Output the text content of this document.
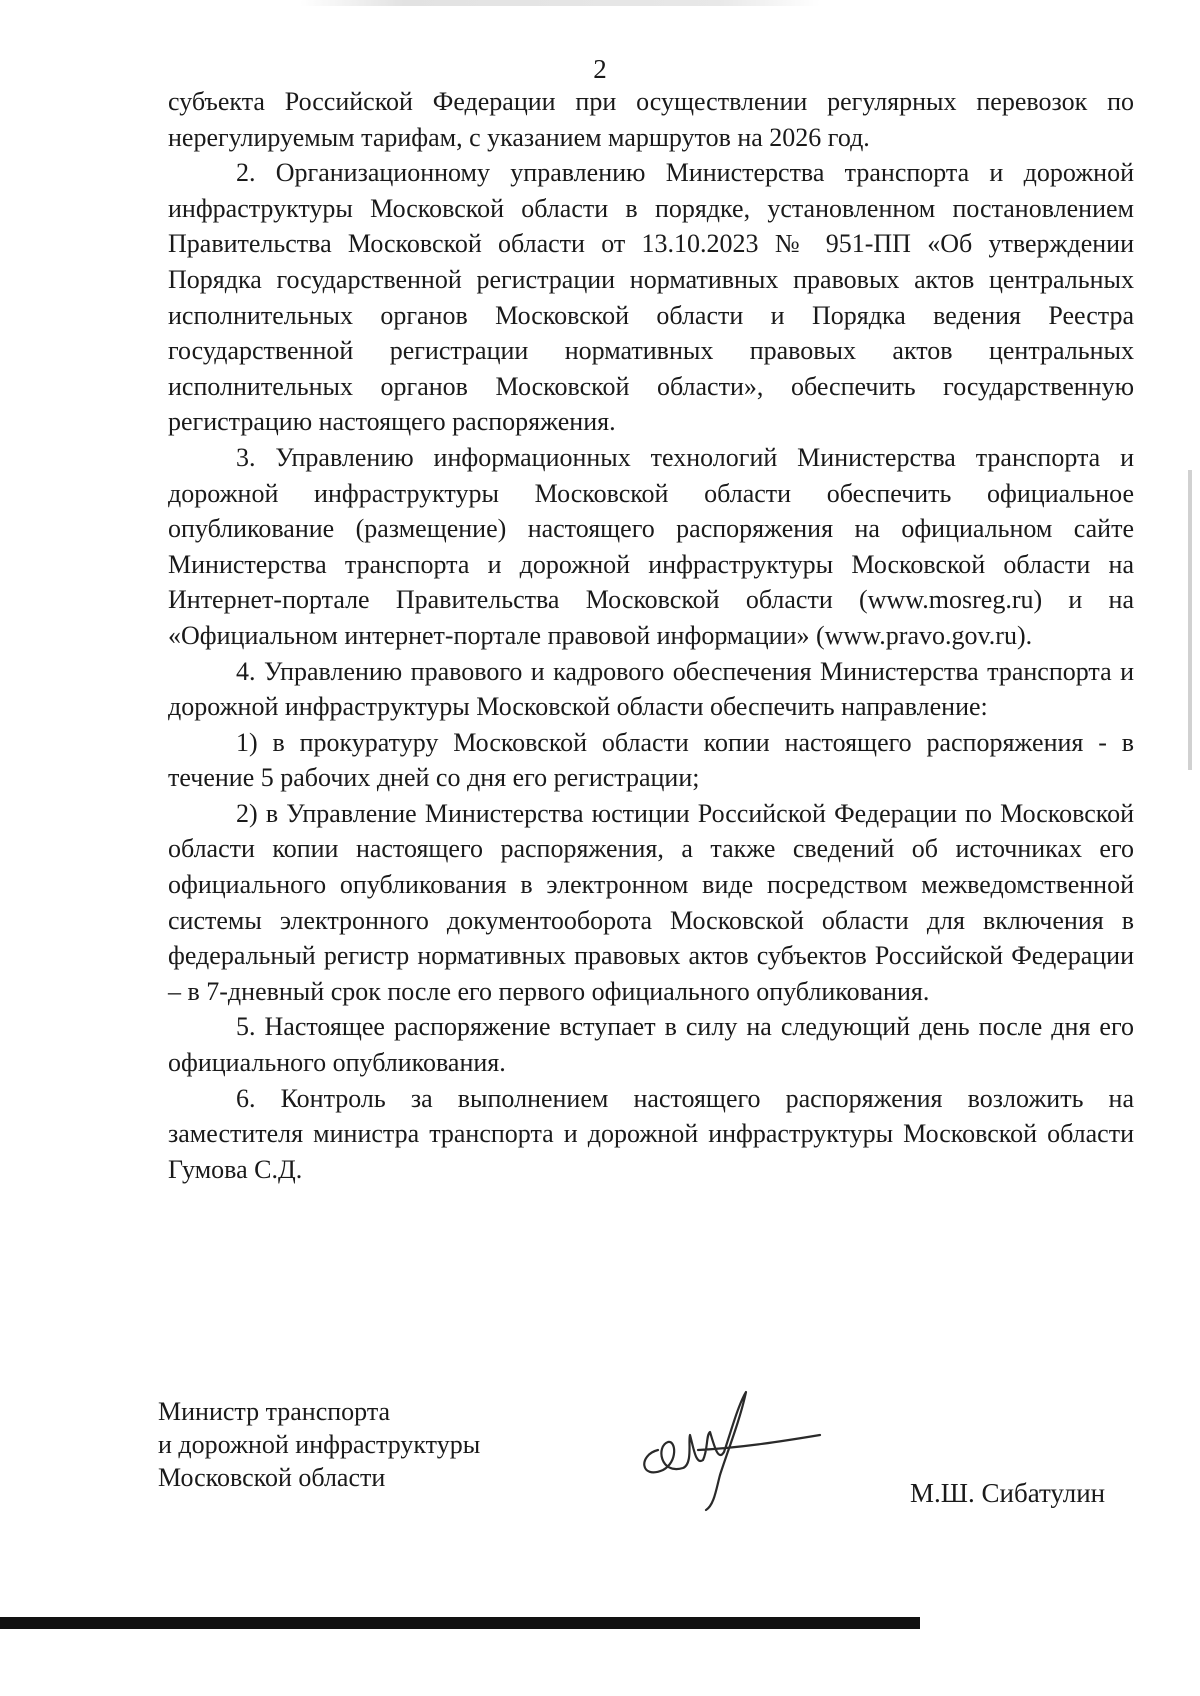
2

субъекта Российской Федерации при осуществлении регулярных перевозок по нерегулируемым тарифам, с указанием маршрутов на 2026 год.

2. Организационному управлению Министерства транспорта и дорожной инфраструктуры Московской области в порядке, установленном постановлением Правительства Московской области от 13.10.2023 № 951-ПП «Об утверждении Порядка государственной регистрации нормативных правовых актов центральных исполнительных органов Московской области и Порядка ведения Реестра государственной регистрации нормативных правовых актов центральных исполнительных органов Московской области», обеспечить государственную регистрацию настоящего распоряжения.

3. Управлению информационных технологий Министерства транспорта и дорожной инфраструктуры Московской области обеспечить официальное опубликование (размещение) настоящего распоряжения на официальном сайте Министерства транспорта и дорожной инфраструктуры Московской области на Интернет-портале Правительства Московской области (www.mosreg.ru) и на «Официальном интернет-портале правовой информации» (www.pravo.gov.ru).

4. Управлению правового и кадрового обеспечения Министерства транспорта и дорожной инфраструктуры Московской области обеспечить направление:

1) в прокуратуру Московской области копии настоящего распоряжения - в течение 5 рабочих дней со дня его регистрации;

2) в Управление Министерства юстиции Российской Федерации по Московской области копии настоящего распоряжения, а также сведений об источниках его официального опубликования в электронном виде посредством межведомственной системы электронного документооборота Московской области для включения в федеральный регистр нормативных правовых актов субъектов Российской Федерации – в 7-дневный срок после его первого официального опубликования.

5. Настоящее распоряжение вступает в силу на следующий день после дня его официального опубликования.

6. Контроль за выполнением настоящего распоряжения возложить на заместителя министра транспорта и дорожной инфраструктуры Московской области Гумова С.Д.

Министр транспорта
и дорожной инфраструктуры
Московской области
М.Ш. Сибатулин
